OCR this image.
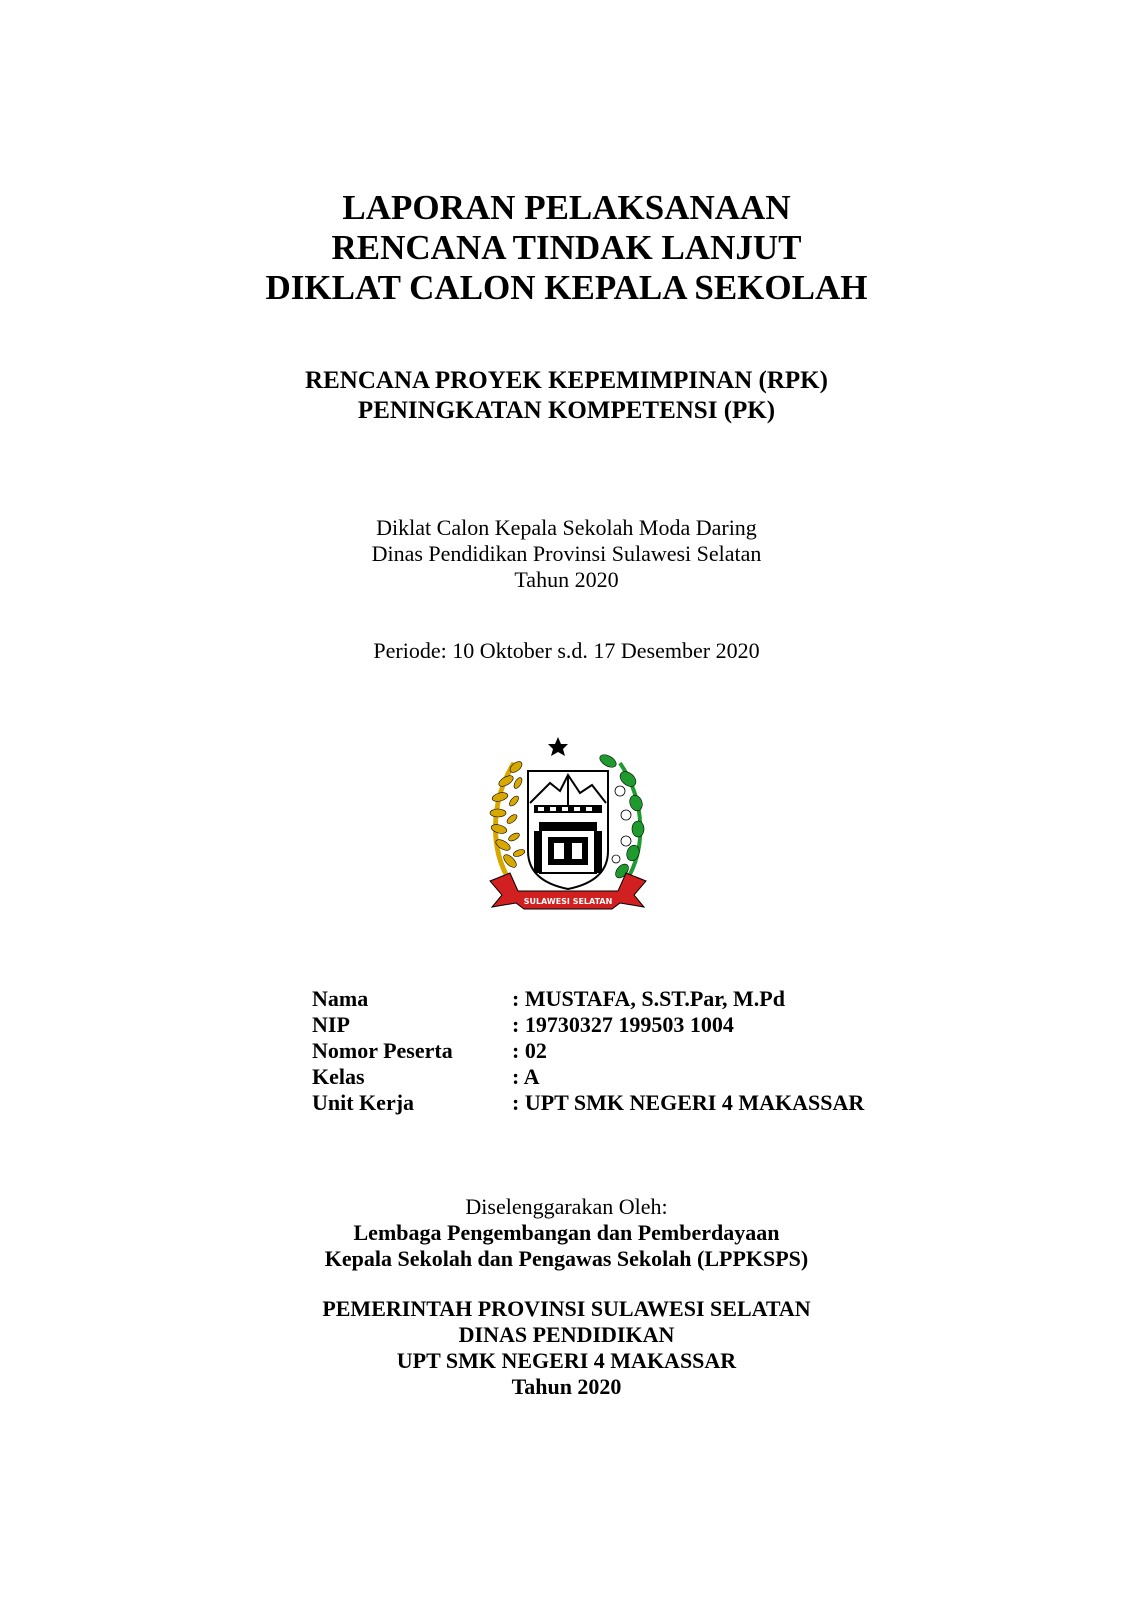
LAPORAN PELAKSANAAN
RENCANA TINDAK LANJUT
DIKLAT CALON KEPALA SEKOLAH
RENCANA PROYEK KEPEMIMPINAN (RPK)
PENINGKATAN KOMPETENSI (PK)
Diklat Calon Kepala Sekolah Moda Daring
Dinas Pendidikan Provinsi Sulawesi Selatan
Tahun 2020
Periode: 10 Oktober s.d. 17 Desember 2020
SULAWESI SELATAN
Nama	: MUSTAFA, S.ST.Par, M.Pd
NIP	: 19730327 199503 1004
Nomor Peserta	: 02
Kelas	: A
Unit Kerja	: UPT SMK NEGERI 4 MAKASSAR
Diselenggarakan Oleh:
Lembaga Pengembangan dan Pemberdayaan
Kepala Sekolah dan Pengawas Sekolah (LPPKSPS)
PEMERINTAH PROVINSI SULAWESI SELATAN
DINAS PENDIDIKAN
UPT SMK NEGERI 4 MAKASSAR
Tahun 2020
